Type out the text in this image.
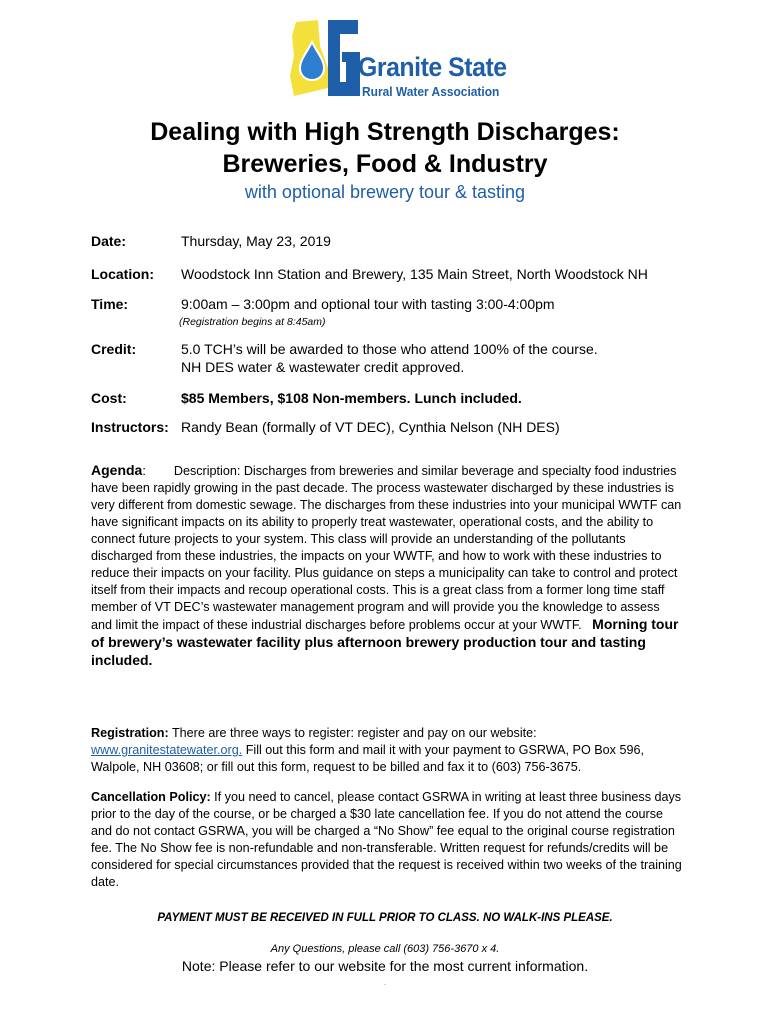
Granite State
Rural Water Association
Dealing with High Strength Discharges:
Breweries, Food & Industry
with optional brewery tour & tasting
Date:	Thursday, May 23, 2019
Location: Woodstock Inn Station and Brewery, 135 Main Street, North Woodstock NH
Time:	9:00am – 3:00pm and optional tour with tasting 3:00-4:00pm
(Registration begins at 8:45am)
Credit:	5.0 TCH’s will be awarded to those who attend 100% of the course.
NH DES water & wastewater credit approved.
Cost:	$85 Members, $108 Non-members. Lunch included.
Instructors: Randy Bean (formally of VT DEC), Cynthia Nelson (NH DES)
Agenda: Description: Discharges from breweries and similar beverage and specialty food industries have been rapidly growing in the past decade. The process wastewater discharged by these industries is very different from domestic sewage. The discharges from these industries into your municipal WWTF can have significant impacts on its ability to properly treat wastewater, operational costs, and the ability to connect future projects to your system. This class will provide an understanding of the pollutants discharged from these industries, the impacts on your WWTF, and how to work with these industries to reduce their impacts on your facility. Plus guidance on steps a municipality can take to control and protect itself from their impacts and recoup operational costs. This is a great class from a former long time staff member of VT DEC’s wastewater management program and will provide you the knowledge to assess and limit the impact of these industrial discharges before problems occur at your WWTF. Morning tour of brewery’s wastewater facility plus afternoon brewery production tour and tasting included.
Registration: There are three ways to register: register and pay on our website: www.granitestatewater.org. Fill out this form and mail it with your payment to GSRWA, PO Box 596, Walpole, NH 03608; or fill out this form, request to be billed and fax it to (603) 756-3675.
Cancellation Policy: If you need to cancel, please contact GSRWA in writing at least three business days prior to the day of the course, or be charged a $30 late cancellation fee. If you do not attend the course and do not contact GSRWA, you will be charged a “No Show” fee equal to the original course registration fee. The No Show fee is non-refundable and non-transferable. Written request for refunds/credits will be considered for special circumstances provided that the request is received within two weeks of the training date.
PAYMENT MUST BE RECEIVED IN FULL PRIOR TO CLASS. NO WALK-INS PLEASE.
Any Questions, please call (603) 756-3670 x 4.
Note: Please refer to our website for the most current information.
.
